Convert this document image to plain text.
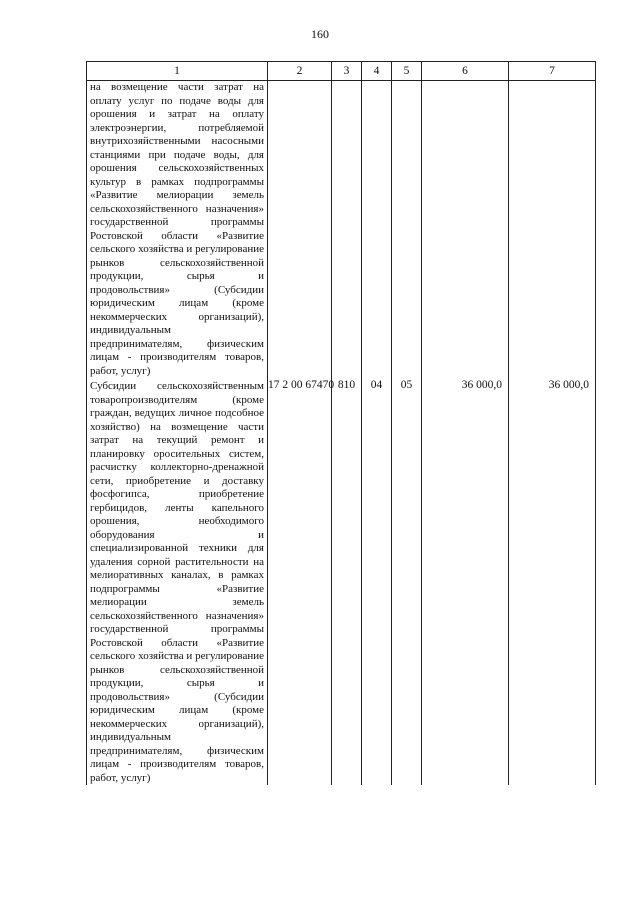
160
1	2	3	4	5	6	7
на возмещение части затрат на оплату услуг по подаче воды для орошения и затрат на оплату электроэнергии, потребляемой внутрихозяйственными насосными станциями при подаче воды, для орошения сельскохозяйственных культур в рамках подпрограммы «Развитие мелиорации земель сельскохозяйственного назначения» государственной программы Ростовской области «Развитие сельского хозяйства и регулирование рынков сельскохозяйственной продукции, сырья и продовольствия» (Субсидии юридическим лицам (кроме некоммерческих организаций), индивидуальным предпринимателям, физическим лицам - производителям товаров, работ, услуг)						
Субсидии сельскохозяйственным товаропроизводителям (кроме граждан, ведущих личное подсобное хозяйство) на возмещение части затрат на текущий ремонт и планировку оросительных систем, расчистку коллекторно-дренажной сети, приобретение и доставку фосфогипса, приобретение гербицидов, ленты капельного орошения, необходимого оборудования и специализированной техники для удаления сорной растительности на мелиоративных каналах, в рамках подпрограммы «Развитие мелиорации земель сельскохозяйственного назначения» государственной программы Ростовской области «Развитие сельского хозяйства и регулирование рынков сельскохозяйственной продукции, сырья и продовольствия» (Субсидии юридическим лицам (кроме некоммерческих организаций), индивидуальным предпринимателям, физическим лицам - производителям товаров, работ, услуг)	17 2 00 67470	810	04	05	36 000,0	36 000,0
